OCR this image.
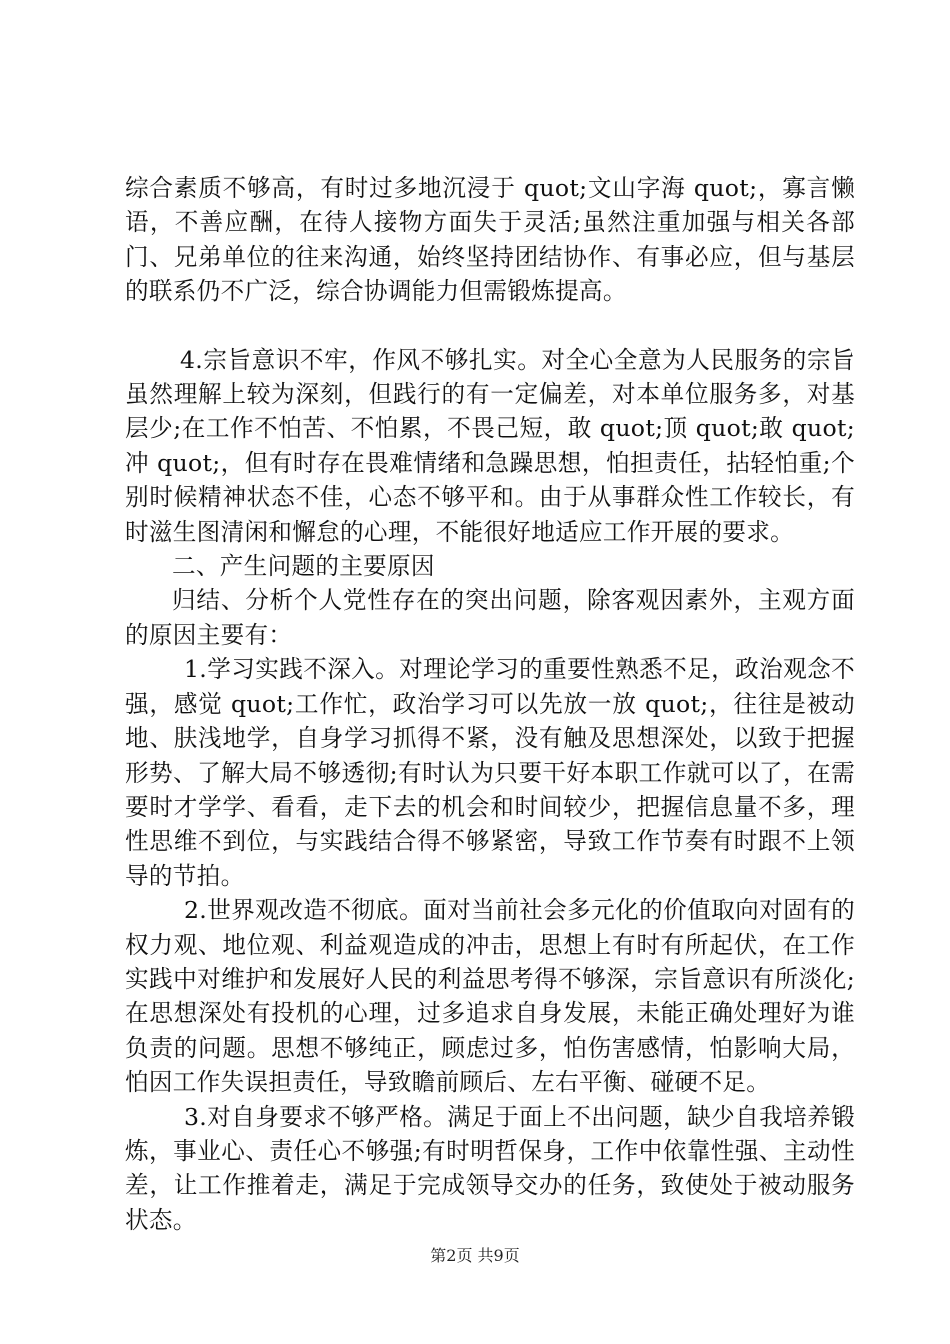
综合素质不够高，有时过多地沉浸于 quot;文山字海 quot;，寡言懒语，不善应酬，在待人接物方面失于灵活;虽然注重加强与相关各部门、兄弟单位的往来沟通，始终坚持团结协作、有事必应，但与基层的联系仍不广泛，综合协调能力但需锻炼提高。

4.宗旨意识不牢，作风不够扎实。对全心全意为人民服务的宗旨虽然理解上较为深刻，但践行的有一定偏差，对本单位服务多，对基层少;在工作不怕苦、不怕累，不畏己短，敢 quot;顶 quot;敢 quot;冲 quot;，但有时存在畏难情绪和急躁思想，怕担责任，拈轻怕重;个别时候精神状态不佳，心态不够平和。由于从事群众性工作较长，有时滋生图清闲和懈怠的心理，不能很好地适应工作开展的要求。

二、产生问题的主要原因

归结、分析个人党性存在的突出问题，除客观因素外，主观方面的原因主要有：

1.学习实践不深入。对理论学习的重要性熟悉不足，政治观念不强，感觉 quot;工作忙，政治学习可以先放一放 quot;，往往是被动地、肤浅地学，自身学习抓得不紧，没有触及思想深处，以致于把握形势、了解大局不够透彻;有时认为只要干好本职工作就可以了，在需要时才学学、看看，走下去的机会和时间较少，把握信息量不多，理性思维不到位，与实践结合得不够紧密，导致工作节奏有时跟不上领导的节拍。

2.世界观改造不彻底。面对当前社会多元化的价值取向对固有的权力观、地位观、利益观造成的冲击，思想上有时有所起伏，在工作实践中对维护和发展好人民的利益思考得不够深，宗旨意识有所淡化;在思想深处有投机的心理，过多追求自身发展，未能正确处理好为谁负责的问题。思想不够纯正，顾虑过多，怕伤害感情，怕影响大局，怕因工作失误担责任，导致瞻前顾后、左右平衡、碰硬不足。

3.对自身要求不够严格。满足于面上不出问题，缺少自我培养锻炼，事业心、责任心不够强;有时明哲保身，工作中依靠性强、主动性差，让工作推着走，满足于完成领导交办的任务，致使处于被动服务状态。

第2页 共9页
